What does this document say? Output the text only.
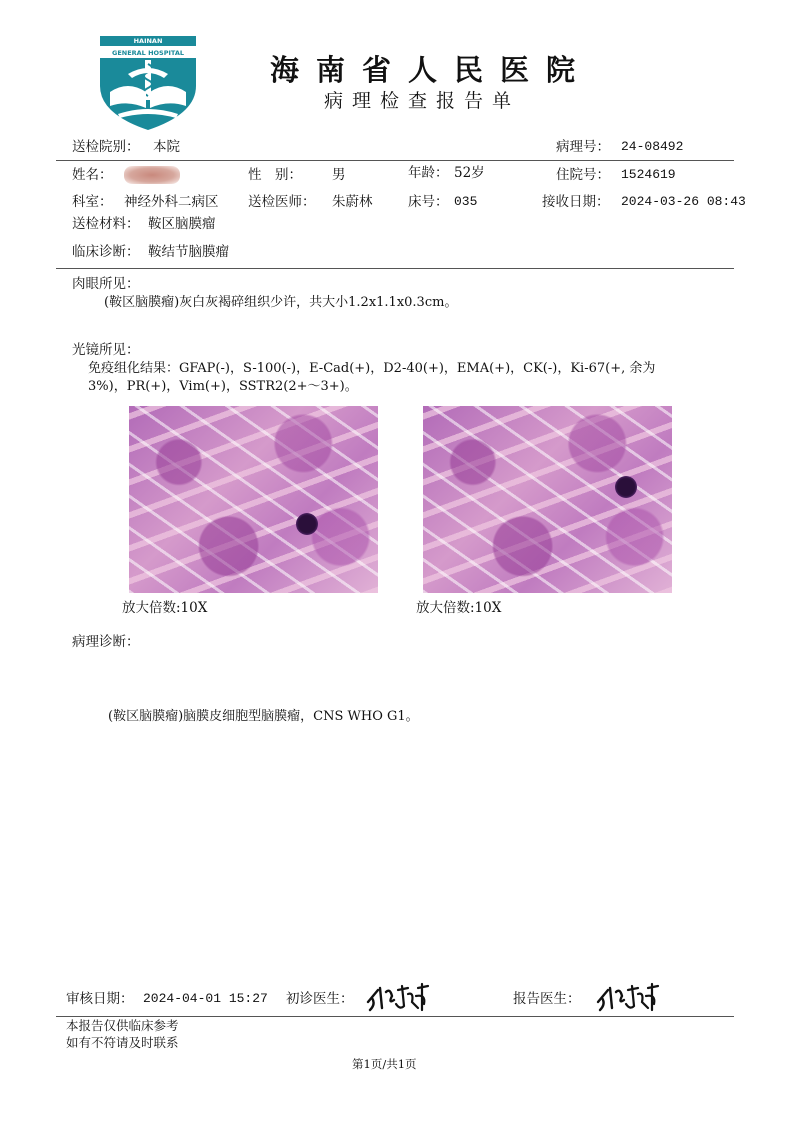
HAINAN
GENERAL HOSPITAL	海南省人民医院
病理检查报告单
送检院别： 本院	病理号： 24-08492
姓名：	性　别： 男	年龄： 52岁	住院号： 1524619
科室： 神经外科二病区 送检医师： 朱蔚林	床号： 035	接收日期： 2024-03-26 08:43
送检材料： 鞍区脑膜瘤
临床诊断： 鞍结节脑膜瘤
肉眼所见：
(鞍区脑膜瘤)灰白灰褐碎组织少许，共大小1.2x1.1x0.3cm。
光镜所见：
免疫组化结果：GFAP(-)，S-100(-)，E-Cad(+)，D2-40(+)，EMA(+)，CK(-)，Ki-67(+, 余为
3%)，PR(+)，Vim(+)，SSTR2(2+～3+)。
放大倍数:10X	放大倍数:10X
病理诊断：
(鞍区脑膜瘤)脑膜皮细胞型脑膜瘤，CNS WHO G1。
审核日期： 2024-04-01 15:27 初诊医生：	报告医生：
本报告仅供临床参考
如有不符请及时联系
第1页/共1页
